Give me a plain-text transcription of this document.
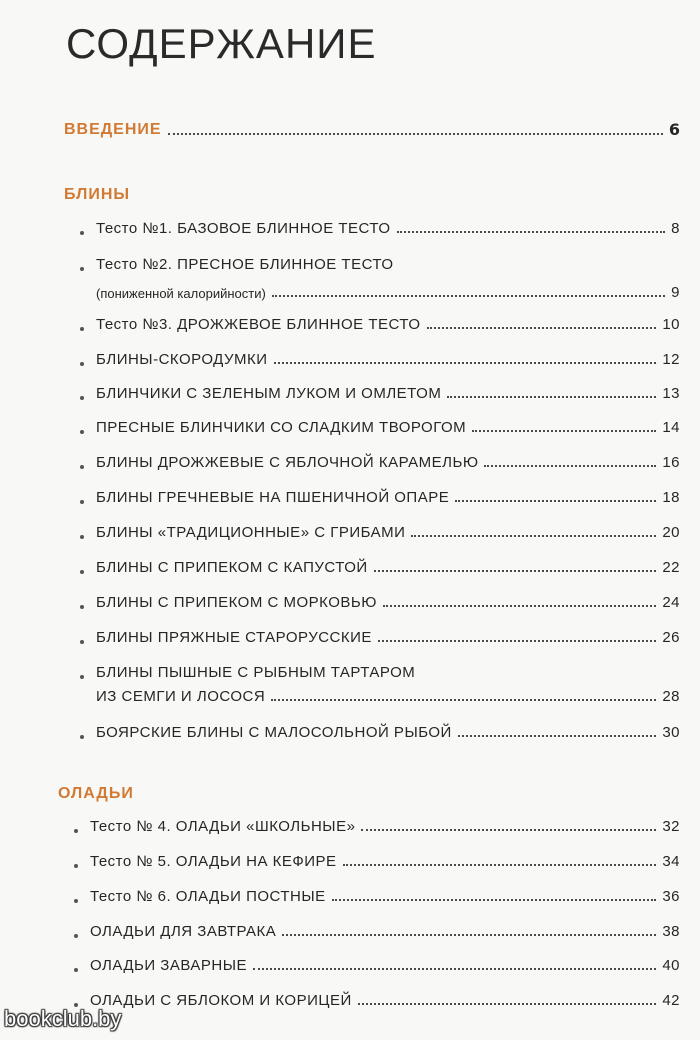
СОДЕРЖАНИЕ
ВВЕДЕНИЕ	6
БЛИНЫ
Тесто №1. БАЗОВОЕ БЛИННОЕ ТЕСТО	8
Тесто №2. ПРЕСНОЕ БЛИННОЕ ТЕСТО
(пониженной калорийности)	9
Тесто №3. ДРОЖЖЕВОЕ БЛИННОЕ ТЕСТО	10
БЛИНЫ-СКОРОДУМКИ	12
БЛИНЧИКИ С ЗЕЛЕНЫМ ЛУКОМ И ОМЛЕТОМ	13
ПРЕСНЫЕ БЛИНЧИКИ СО СЛАДКИМ ТВОРОГОМ	14
БЛИНЫ ДРОЖЖЕВЫЕ С ЯБЛОЧНОЙ КАРАМЕЛЬЮ	16
БЛИНЫ ГРЕЧНЕВЫЕ НА ПШЕНИЧНОЙ ОПАРЕ	18
БЛИНЫ «ТРАДИЦИОННЫЕ» С ГРИБАМИ	20
БЛИНЫ С ПРИПЕКОМ С КАПУСТОЙ	22
БЛИНЫ С ПРИПЕКОМ С МОРКОВЬЮ	24
БЛИНЫ ПРЯЖНЫЕ СТАРОРУССКИЕ	26
БЛИНЫ ПЫШНЫЕ С РЫБНЫМ ТАРТАРОМ
ИЗ СЕМГИ И ЛОСОСЯ	28
БОЯРСКИЕ БЛИНЫ С МАЛОСОЛЬНОЙ РЫБОЙ	30
ОЛАДЬИ
Тесто № 4. ОЛАДЬИ «ШКОЛЬНЫЕ»	32
Тесто № 5. ОЛАДЬИ НА КЕФИРЕ	34
Тесто № 6. ОЛАДЬИ ПОСТНЫЕ	36
ОЛАДЬИ ДЛЯ ЗАВТРАКА	38
ОЛАДЬИ ЗАВАРНЫЕ	40
ОЛАДЬИ С ЯБЛОКОМ И КОРИЦЕЙ	42
bookclub.by
